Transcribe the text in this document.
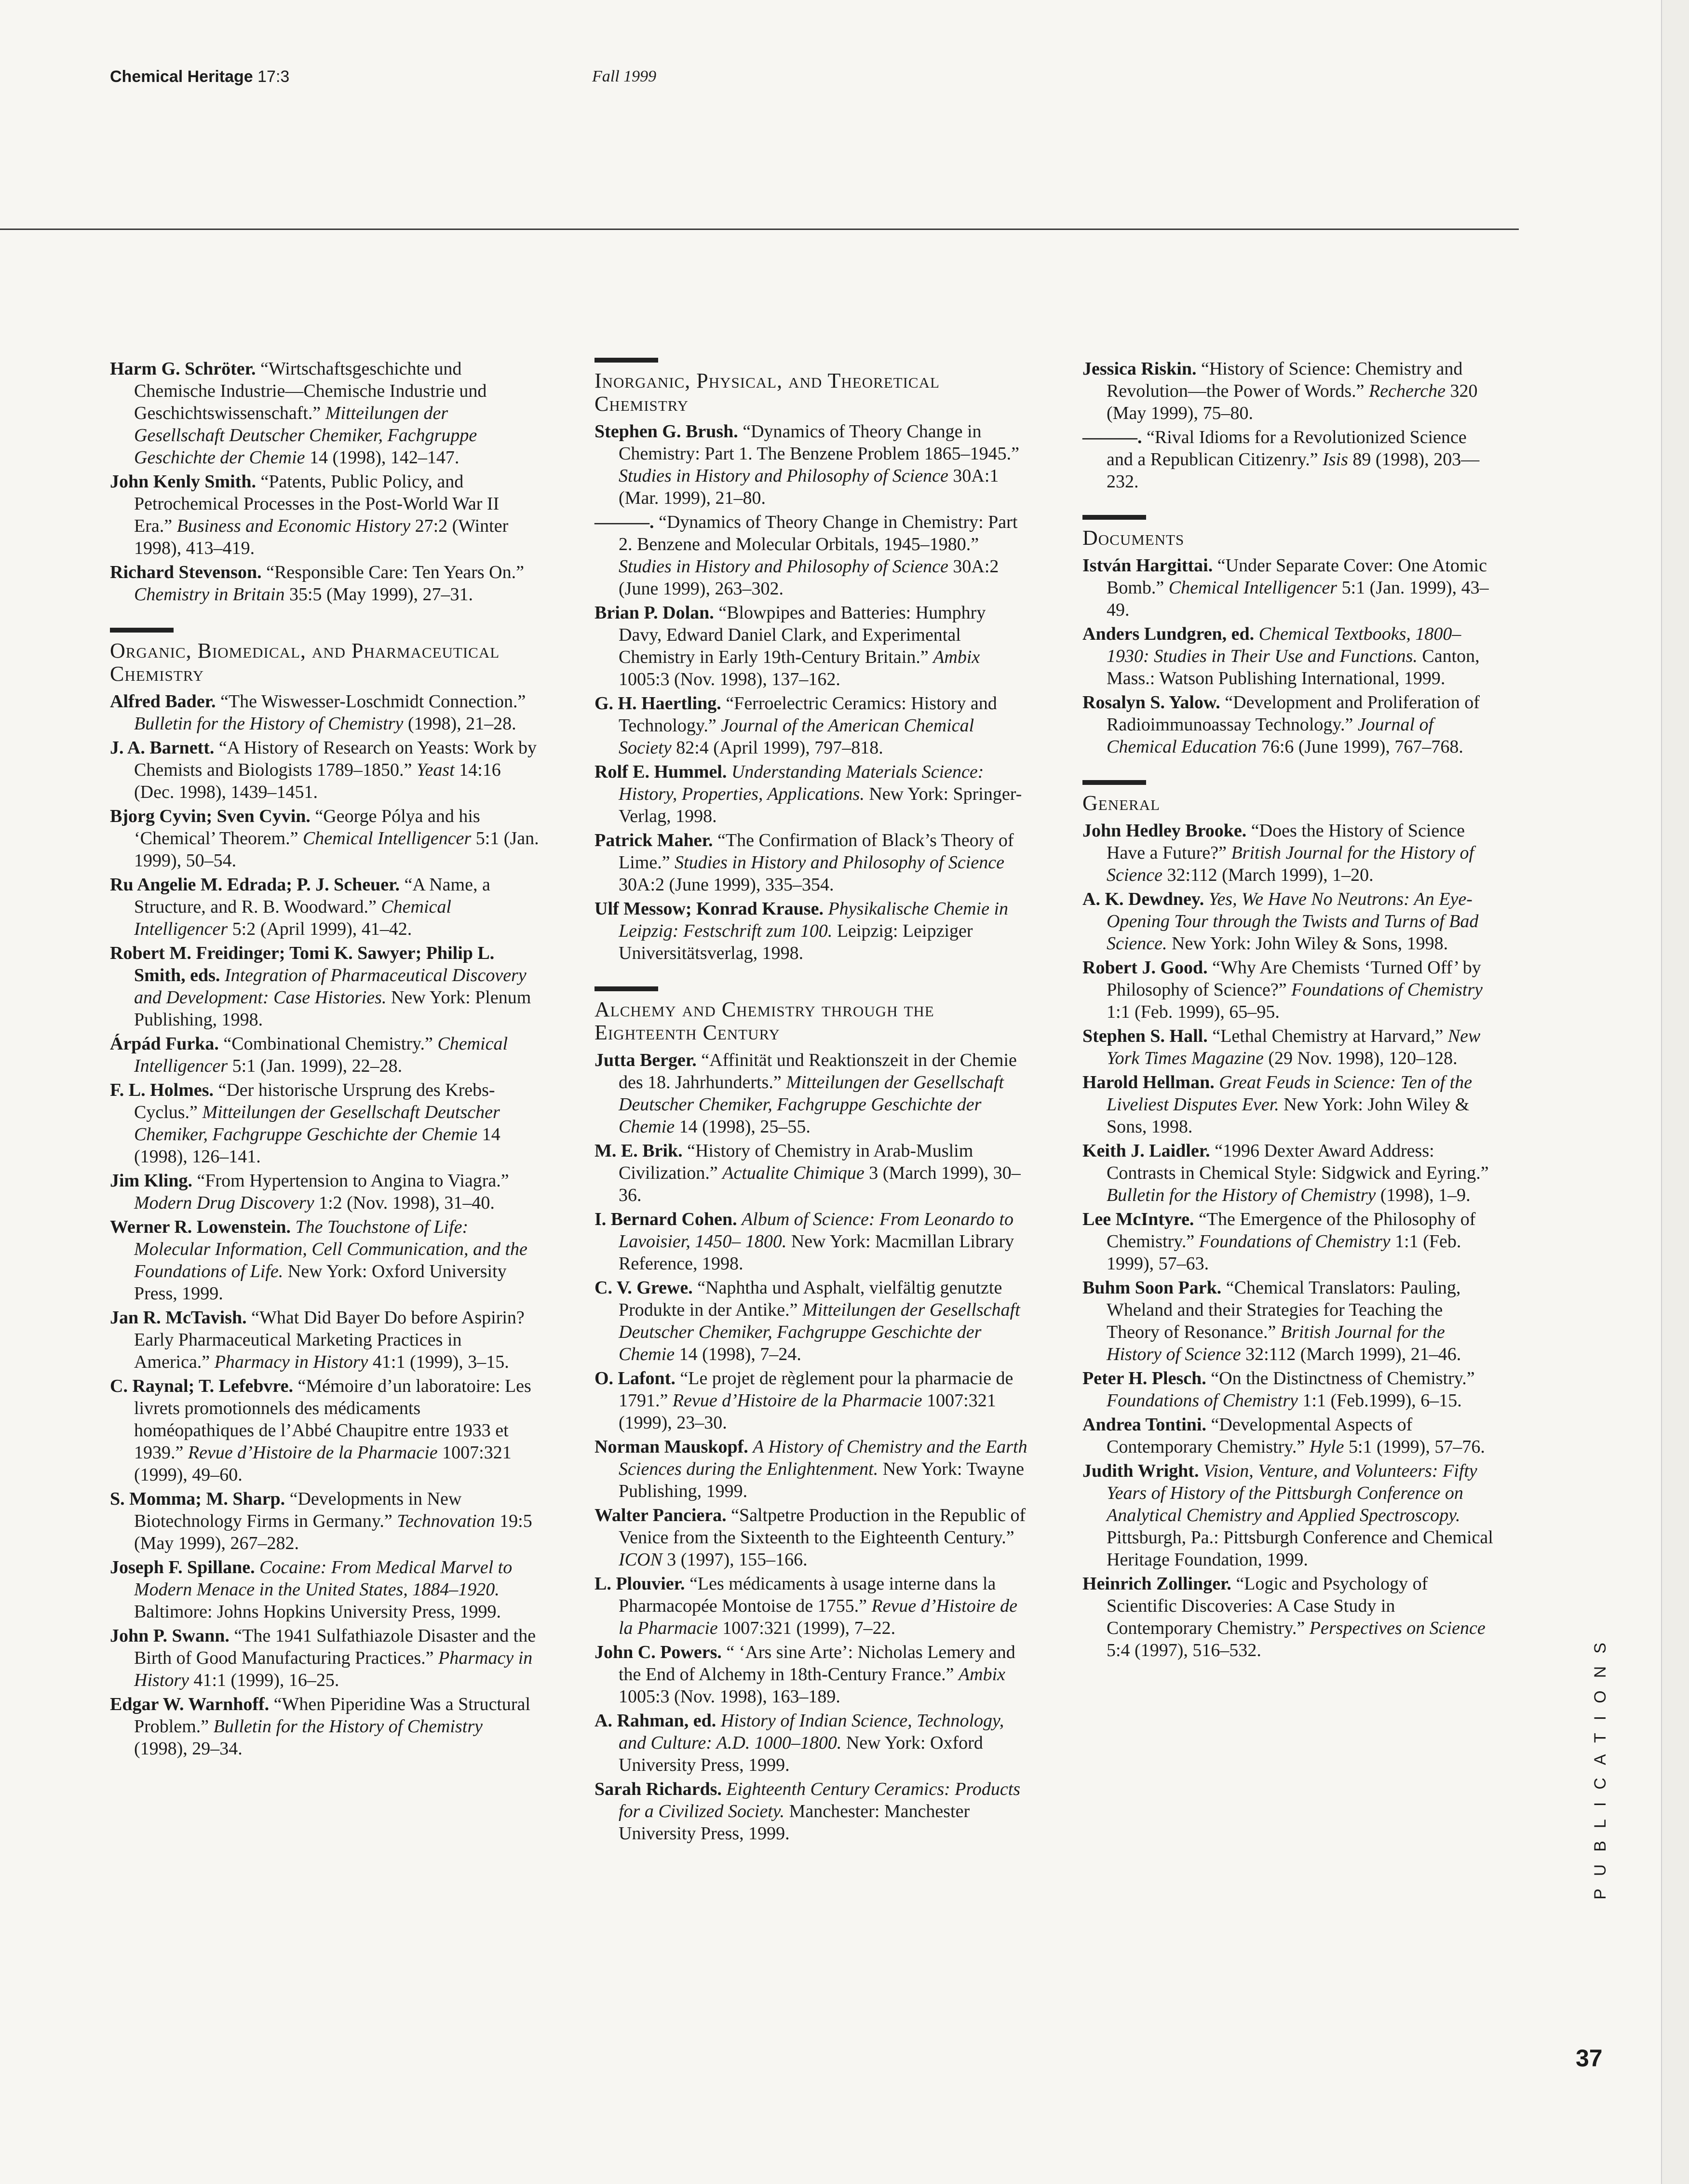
Chemical Heritage 17:3	Fall 1999

Harm G. Schröter. “Wirtschaftsgeschichte und Chemische Industrie—Chemische Industrie und Geschichtswissenschaft.” Mitteilungen der Gesellschaft Deutscher Chemiker, Fachgruppe Geschichte der Chemie 14 (1998), 142–147.

John Kenly Smith. “Patents, Public Policy, and Petrochemical Processes in the Post-World War II Era.” Business and Economic History 27:2 (Winter 1998), 413–419.

Richard Stevenson. “Responsible Care: Ten Years On.” Chemistry in Britain 35:5 (May 1999), 27–31.

Organic, Biomedical, and Pharmaceutical Chemistry

Alfred Bader. “The Wiswesser-Loschmidt Connection.” Bulletin for the History of Chemistry (1998), 21–28.

J. A. Barnett. “A History of Research on Yeasts: Work by Chemists and Biologists 1789–1850.” Yeast 14:16 (Dec. 1998), 1439–1451.

Bjorg Cyvin; Sven Cyvin. “George Pólya and his ‘Chemical’ Theorem.” Chemical Intelligencer 5:1 (Jan. 1999), 50–54.

Ru Angelie M. Edrada; P. J. Scheuer. “A Name, a Structure, and R. B. Woodward.” Chemical Intelligencer 5:2 (April 1999), 41–42.

Robert M. Freidinger; Tomi K. Sawyer; Philip L. Smith, eds. Integration of Pharmaceutical Discovery and Development: Case Histories. New York: Plenum Publishing, 1998.

Árpád Furka. “Combinational Chemistry.” Chemical Intelligencer 5:1 (Jan. 1999), 22–28.

F. L. Holmes. “Der historische Ursprung des Krebs-Cyclus.” Mitteilungen der Gesellschaft Deutscher Chemiker, Fachgruppe Geschichte der Chemie 14 (1998), 126–141.

Jim Kling. “From Hypertension to Angina to Viagra.” Modern Drug Discovery 1:2 (Nov. 1998), 31–40.

Werner R. Lowenstein. The Touchstone of Life: Molecular Information, Cell Communication, and the Foundations of Life. New York: Oxford University Press, 1999.

Jan R. McTavish. “What Did Bayer Do before Aspirin? Early Pharmaceutical Marketing Practices in America.” Pharmacy in History 41:1 (1999), 3–15.

C. Raynal; T. Lefebvre. “Mémoire d’un laboratoire: Les livrets promotionnels des médicaments homéopathiques de l’Abbé Chaupitre entre 1933 et 1939.” Revue d’Histoire de la Pharmacie 1007:321 (1999), 49–60.

S. Momma; M. Sharp. “Developments in New Biotechnology Firms in Germany.” Technovation 19:5 (May 1999), 267–282.

Joseph F. Spillane. Cocaine: From Medical Marvel to Modern Menace in the United States, 1884–1920. Baltimore: Johns Hopkins University Press, 1999.

John P. Swann. “The 1941 Sulfathiazole Disaster and the Birth of Good Manufacturing Practices.” Pharmacy in History 41:1 (1999), 16–25.

Edgar W. Warnhoff. “When Piperidine Was a Structural Problem.” Bulletin for the History of Chemistry (1998), 29–34.

Inorganic, Physical, and Theoretical Chemistry

Stephen G. Brush. “Dynamics of Theory Change in Chemistry: Part 1. The Benzene Problem 1865–1945.” Studies in History and Philosophy of Science 30A:1 (Mar. 1999), 21–80.

———. “Dynamics of Theory Change in Chemistry: Part 2. Benzene and Molecular Orbitals, 1945–1980.” Studies in History and Philosophy of Science 30A:2 (June 1999), 263–302.

Brian P. Dolan. “Blowpipes and Batteries: Humphry Davy, Edward Daniel Clark, and Experimental Chemistry in Early 19th-Century Britain.” Ambix 1005:3 (Nov. 1998), 137–162.

G. H. Haertling. “Ferroelectric Ceramics: History and Technology.” Journal of the American Chemical Society 82:4 (April 1999), 797–818.

Rolf E. Hummel. Understanding Materials Science: History, Properties, Applications. New York: Springer-Verlag, 1998.

Patrick Maher. “The Confirmation of Black’s Theory of Lime.” Studies in History and Philosophy of Science 30A:2 (June 1999), 335–354.

Ulf Messow; Konrad Krause. Physikalische Chemie in Leipzig: Festschrift zum 100. Leipzig: Leipziger Universitätsverlag, 1998.

Alchemy and Chemistry through the Eighteenth Century

Jutta Berger. “Affinität und Reaktionszeit in der Chemie des 18. Jahrhunderts.” Mitteilungen der Gesellschaft Deutscher Chemiker, Fachgruppe Geschichte der Chemie 14 (1998), 25–55.

M. E. Brik. “History of Chemistry in Arab-Muslim Civilization.” Actualite Chimique 3 (March 1999), 30–36.

I. Bernard Cohen. Album of Science: From Leonardo to Lavoisier, 1450– 1800. New York: Macmillan Library Reference, 1998.

C. V. Grewe. “Naphtha und Asphalt, vielfältig genutzte Produkte in der Antike.” Mitteilungen der Gesellschaft Deutscher Chemiker, Fachgruppe Geschichte der Chemie 14 (1998), 7–24.

O. Lafont. “Le projet de règlement pour la pharmacie de 1791.” Revue d’Histoire de la Pharmacie 1007:321 (1999), 23–30.

Norman Mauskopf. A History of Chemistry and the Earth Sciences during the Enlightenment. New York: Twayne Publishing, 1999.

Walter Panciera. “Saltpetre Production in the Republic of Venice from the Sixteenth to the Eighteenth Century.” ICON 3 (1997), 155–166.

L. Plouvier. “Les médicaments à usage interne dans la Pharmacopée Montoise de 1755.” Revue d’Histoire de la Pharmacie 1007:321 (1999), 7–22.

John C. Powers. “ ‘Ars sine Arte’: Nicholas Lemery and the End of Alchemy in 18th-Century France.” Ambix 1005:3 (Nov. 1998), 163–189.

A. Rahman, ed. History of Indian Science, Technology, and Culture: A.D. 1000–1800. New York: Oxford University Press, 1999.

Sarah Richards. Eighteenth Century Ceramics: Products for a Civilized Society. Manchester: Manchester University Press, 1999.

Jessica Riskin. “History of Science: Chemistry and Revolution—the Power of Words.” Recherche 320 (May 1999), 75–80.

———. “Rival Idioms for a Revolutionized Science and a Republican Citizenry.” Isis 89 (1998), 203—232.

Documents

István Hargittai. “Under Separate Cover: One Atomic Bomb.” Chemical Intelligencer 5:1 (Jan. 1999), 43–49.

Anders Lundgren, ed. Chemical Textbooks, 1800–1930: Studies in Their Use and Functions. Canton, Mass.: Watson Publishing International, 1999.

Rosalyn S. Yalow. “Development and Proliferation of Radioimmunoassay Technology.” Journal of Chemical Education 76:6 (June 1999), 767–768.

General

John Hedley Brooke. “Does the History of Science Have a Future?” British Journal for the History of Science 32:112 (March 1999), 1–20.

A. K. Dewdney. Yes, We Have No Neutrons: An Eye-Opening Tour through the Twists and Turns of Bad Science. New York: John Wiley & Sons, 1998.

Robert J. Good. “Why Are Chemists ‘Turned Off’ by Philosophy of Science?” Foundations of Chemistry 1:1 (Feb. 1999), 65–95.

Stephen S. Hall. “Lethal Chemistry at Harvard,” New York Times Magazine (29 Nov. 1998), 120–128.

Harold Hellman. Great Feuds in Science: Ten of the Liveliest Disputes Ever. New York: John Wiley & Sons, 1998.

Keith J. Laidler. “1996 Dexter Award Address: Contrasts in Chemical Style: Sidgwick and Eyring.” Bulletin for the History of Chemistry (1998), 1–9.

Lee McIntyre. “The Emergence of the Philosophy of Chemistry.” Foundations of Chemistry 1:1 (Feb. 1999), 57–63.

Buhm Soon Park. “Chemical Translators: Pauling, Wheland and their Strategies for Teaching the Theory of Resonance.” British Journal for the History of Science 32:112 (March 1999), 21–46.

Peter H. Plesch. “On the Distinctness of Chemistry.” Foundations of Chemistry 1:1 (Feb.1999), 6–15.

Andrea Tontini. “Developmental Aspects of Contemporary Chemistry.” Hyle 5:1 (1999), 57–76.

Judith Wright. Vision, Venture, and Volunteers: Fifty Years of History of the Pittsburgh Conference on Analytical Chemistry and Applied Spectroscopy. Pittsburgh, Pa.: Pittsburgh Conference and Chemical Heritage Foundation, 1999.

Heinrich Zollinger. “Logic and Psychology of Scientific Discoveries: A Case Study in Contemporary Chemistry.” Perspectives on Science 5:4 (1997), 516–532.	PUBLICATIONS
37
